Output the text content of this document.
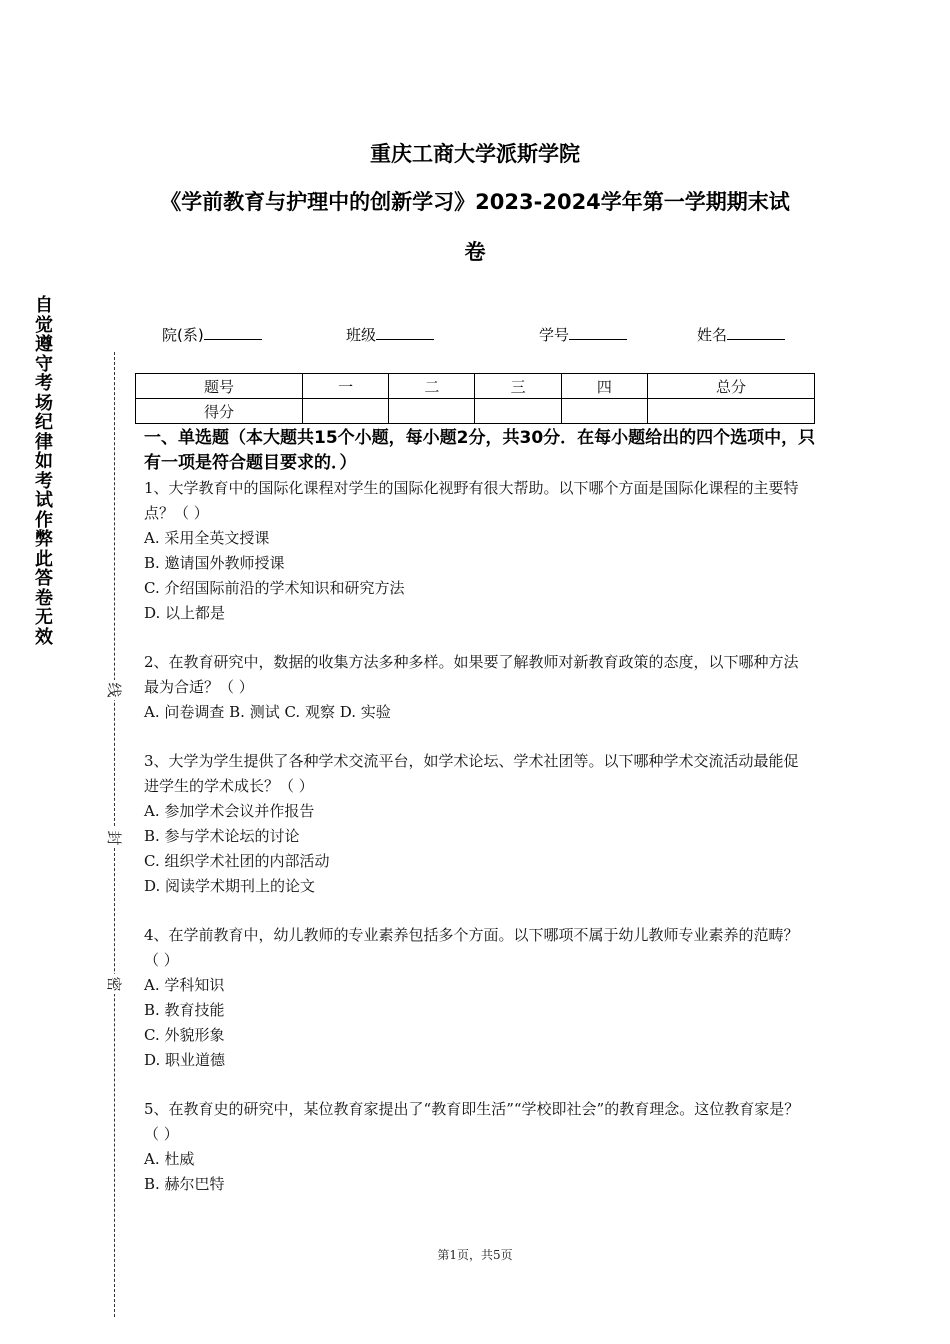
自
觉
遵
守
考
场
纪
律
如
考
试
作
弊
此
答
卷
无
效
线
封
密
重庆工商大学派斯学院
《学前教育与护理中的创新学习》2023-2024学年第一学期期末试
卷
院(系)	班级	学号	姓名
题号	一	二	三	四	总分
得分					
一、单选题（本大题共15个小题，每小题2分，共30分．在每小题给出的四个选项中，只有一项是符合题目要求的．）

1、大学教育中的国际化课程对学生的国际化视野有很大帮助。以下哪个方面是国际化课程的主要特点？（ ）

A. 采用全英文授课

B. 邀请国外教师授课

C. 介绍国际前沿的学术知识和研究方法

D. 以上都是

2、在教育研究中，数据的收集方法多种多样。如果要了解教师对新教育政策的态度，以下哪种方法最为合适？（ ）

A. 问卷调查 B. 测试 C. 观察 D. 实验

3、大学为学生提供了各种学术交流平台，如学术论坛、学术社团等。以下哪种学术交流活动最能促进学生的学术成长？（ ）

A. 参加学术会议并作报告

B. 参与学术论坛的讨论

C. 组织学术社团的内部活动

D. 阅读学术期刊上的论文

4、在学前教育中，幼儿教师的专业素养包括多个方面。以下哪项不属于幼儿教师专业素养的范畴？（ ）

A. 学科知识

B. 教育技能

C. 外貌形象

D. 职业道德

5、在教育史的研究中，某位教育家提出了“教育即生活”“学校即社会”的教育理念。这位教育家是？（ ）

A. 杜威

B. 赫尔巴特

第1页，共5页
